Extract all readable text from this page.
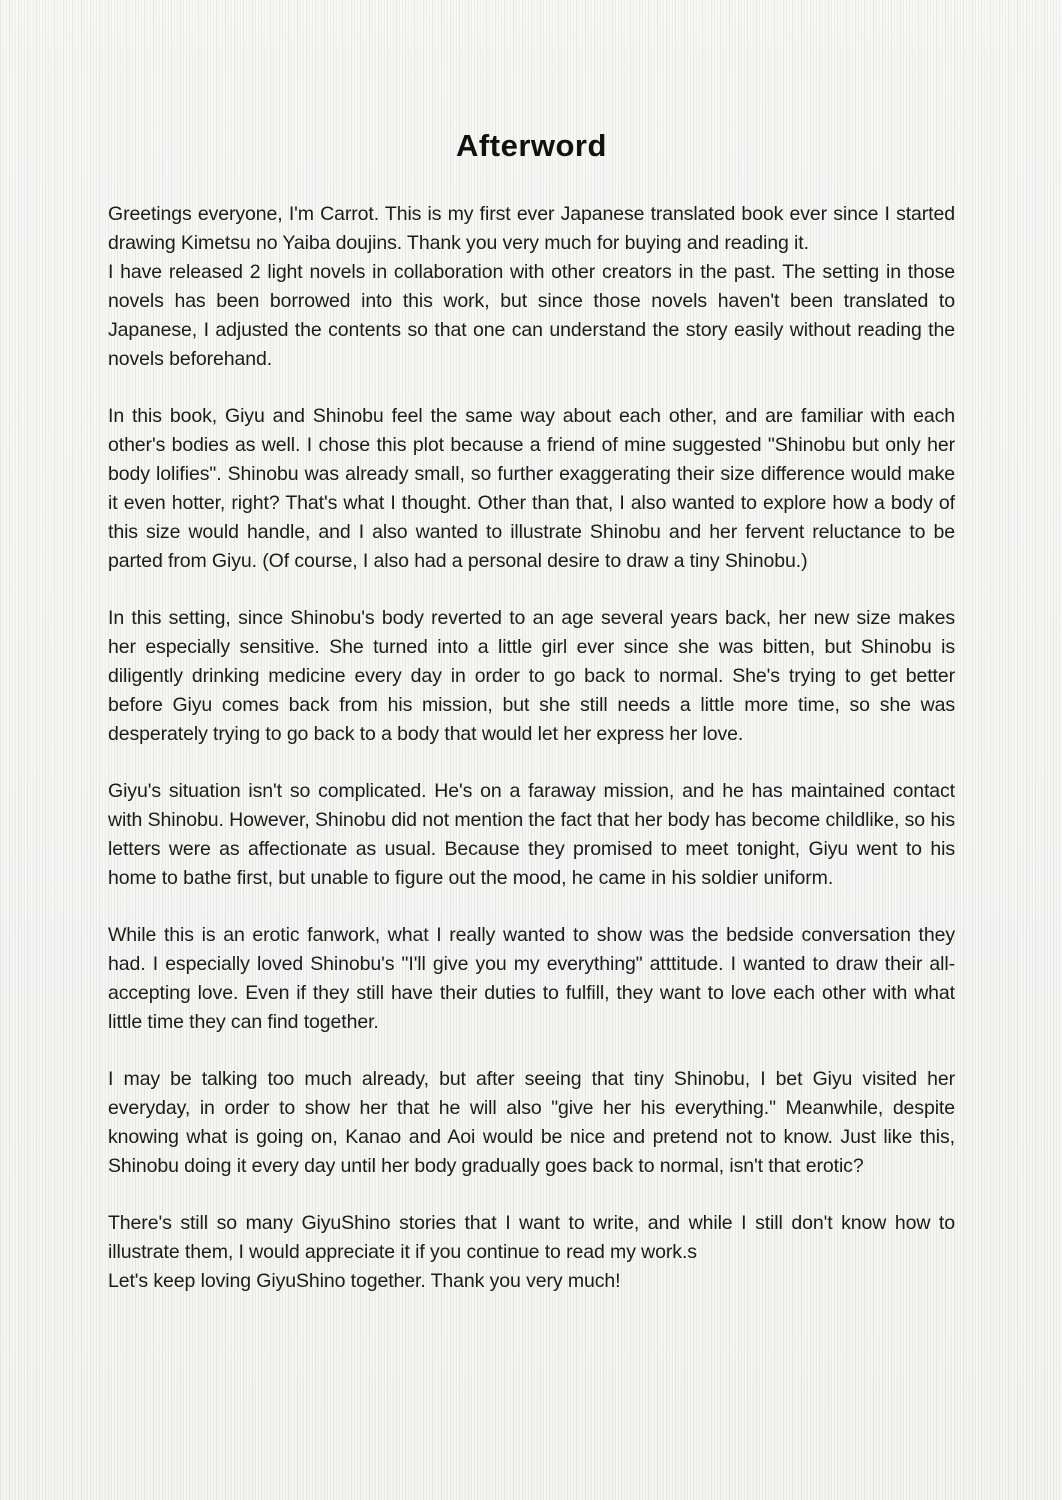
Afterword
Greetings everyone, I'm Carrot. This is my first ever Japanese translated book ever since I started drawing Kimetsu no Yaiba doujins. Thank you very much for buying and reading it.
I have released 2 light novels in collaboration with other creators in the past. The setting in those novels has been borrowed into this work, but since those novels haven't been translated to Japanese, I adjusted the contents so that one can understand the story easily without reading the novels beforehand.
In this book, Giyu and Shinobu feel the same way about each other, and are familiar with each other's bodies as well. I chose this plot because a friend of mine suggested "Shinobu but only her body lolifies". Shinobu was already small, so further exaggerating their size difference would make it even hotter, right? That's what I thought. Other than that, I also wanted to explore how a body of this size would handle, and I also wanted to illustrate Shinobu and her fervent reluctance to be parted from Giyu. (Of course, I also had a personal desire to draw a tiny Shinobu.)
In this setting, since Shinobu's body reverted to an age several years back, her new size makes her especially sensitive. She turned into a little girl ever since she was bitten, but Shinobu is diligently drinking medicine every day in order to go back to normal. She's trying to get better before Giyu comes back from his mission, but she still needs a little more time, so she was desperately trying to go back to a body that would let her express her love.
Giyu's situation isn't so complicated. He's on a faraway mission, and he has maintained contact with Shinobu. However, Shinobu did not mention the fact that her body has become childlike, so his letters were as affectionate as usual. Because they promised to meet tonight, Giyu went to his home to bathe first, but unable to figure out the mood, he came in his soldier uniform.
While this is an erotic fanwork, what I really wanted to show was the bedside conversation they had. I especially loved Shinobu's "I'll give you my everything" atttitude. I wanted to draw their all-accepting love. Even if they still have their duties to fulfill, they want to love each other with what little time they can find together.
I may be talking too much already, but after seeing that tiny Shinobu, I bet Giyu visited her everyday, in order to show her that he will also "give her his everything." Meanwhile, despite knowing what is going on, Kanao and Aoi would be nice and pretend not to know. Just like this, Shinobu doing it every day until her body gradually goes back to normal, isn't that erotic?
There's still so many GiyuShino stories that I want to write, and while I still don't know how to illustrate them, I would appreciate it if you continue to read my work.s
Let's keep loving GiyuShino together. Thank you very much!
